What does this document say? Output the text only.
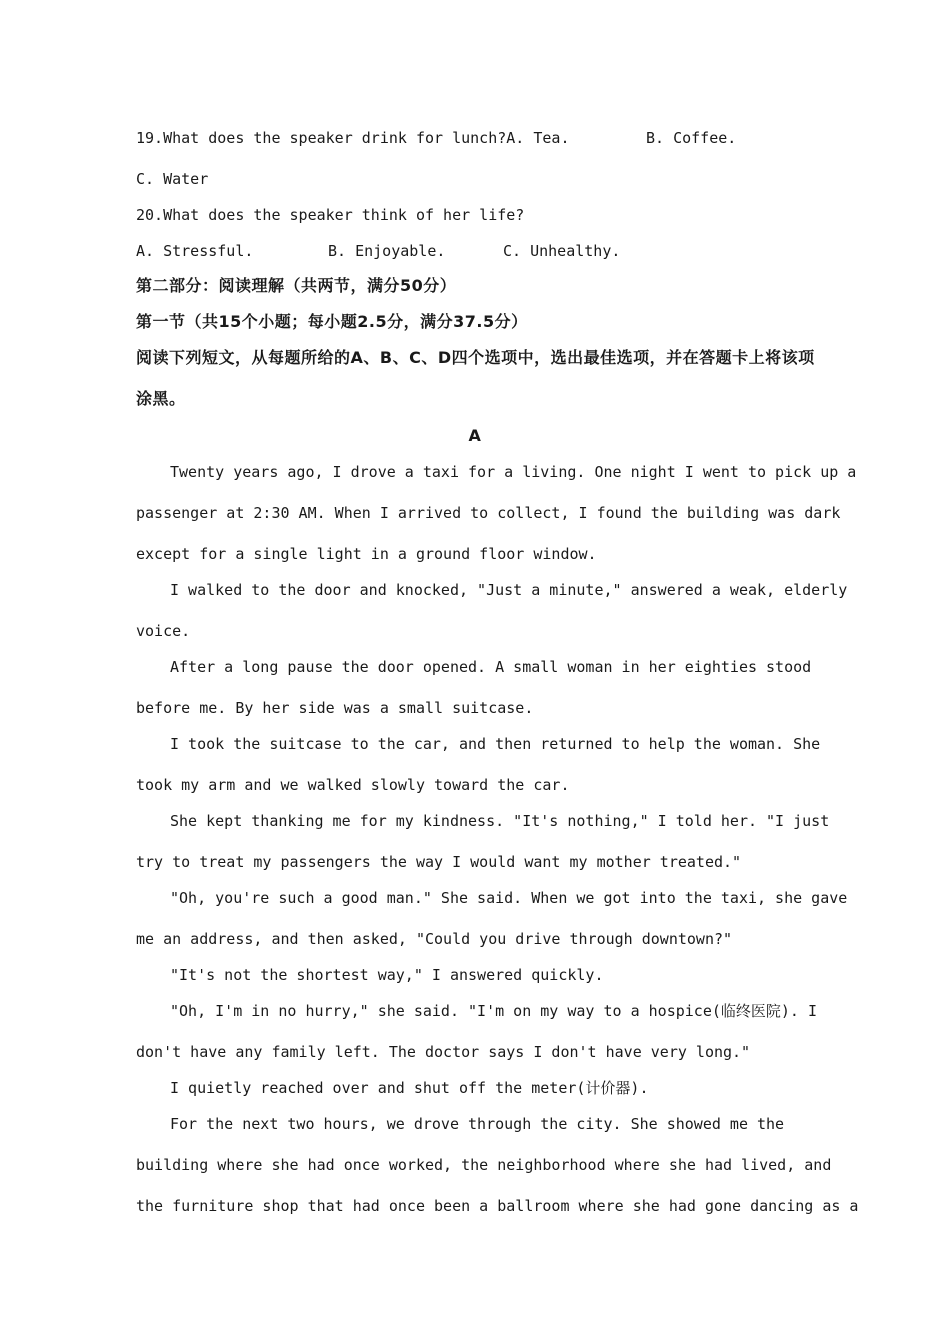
19.What does the speaker drink for lunch?A. Tea.	B. Coffee.
C. Water
20.What does the speaker think of her life?
A. Stressful.	B. Enjoyable.	C. Unhealthy.
第二部分：阅读理解（共两节，满分50分）
第一节（共15个小题；每小题2.5分，满分37.5分）
阅读下列短文，从每题所给的A、B、C、D四个选项中，选出最佳选项，并在答题卡上将该项
涂黑。
A
Twenty years ago, I drove a taxi for a living. One night I went to pick up a
passenger at 2:30 AM. When I arrived to collect, I found the building was dark
except for a single light in a ground floor window.
I walked to the door and knocked, "Just a minute," answered a weak, elderly
voice.
After a long pause the door opened. A small woman in her eighties stood
before me. By her side was a small suitcase.
I took the suitcase to the car, and then returned to help the woman. She
took my arm and we walked slowly toward the car.
She kept thanking me for my kindness. "It's nothing," I told her. "I just
try to treat my passengers the way I would want my mother treated."
"Oh, you're such a good man." She said. When we got into the taxi, she gave
me an address, and then asked, "Could you drive through downtown?"
"It's not the shortest way," I answered quickly.
"Oh, I'm in no hurry," she said. "I'm on my way to a hospice(临终医院). I
don't have any family left. The doctor says I don't have very long."
I quietly reached over and shut off the meter(计价器).
For the next two hours, we drove through the city. She showed me the
building where she had once worked, the neighborhood where she had lived, and
the furniture shop that had once been a ballroom where she had gone dancing as a
